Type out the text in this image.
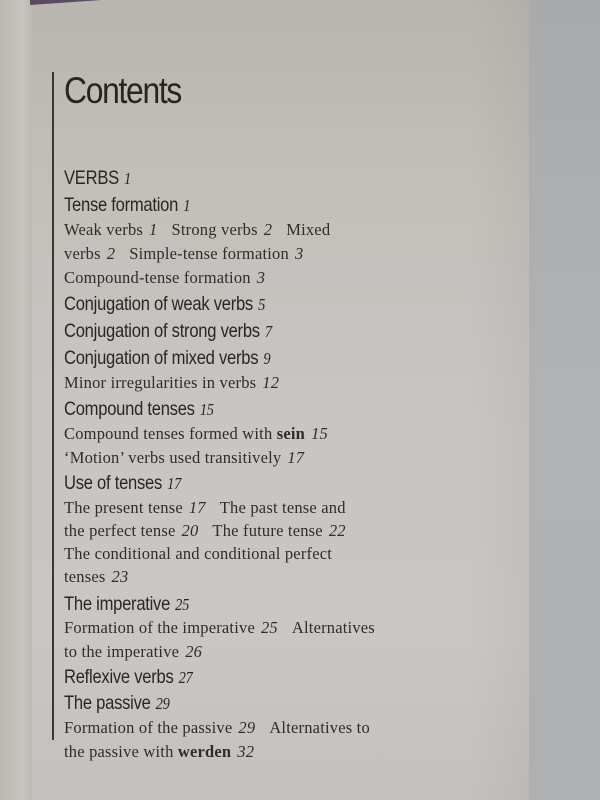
Contents
VERBS 1
Tense formation 1
Weak verbs 1 Strong verbs 2 Mixed
verbs 2 Simple-tense formation 3
Compound-tense formation 3
Conjugation of weak verbs 5
Conjugation of strong verbs 7
Conjugation of mixed verbs 9
Minor irregularities in verbs 12
Compound tenses 15
Compound tenses formed with sein 15
‘Motion’ verbs used transitively 17
Use of tenses 17
The present tense 17 The past tense and
the perfect tense 20 The future tense 22
The conditional and conditional perfect
tenses 23
The imperative 25
Formation of the imperative 25 Alternatives
to the imperative 26
Reflexive verbs 27
The passive 29
Formation of the passive 29 Alternatives to
the passive with werden 32
